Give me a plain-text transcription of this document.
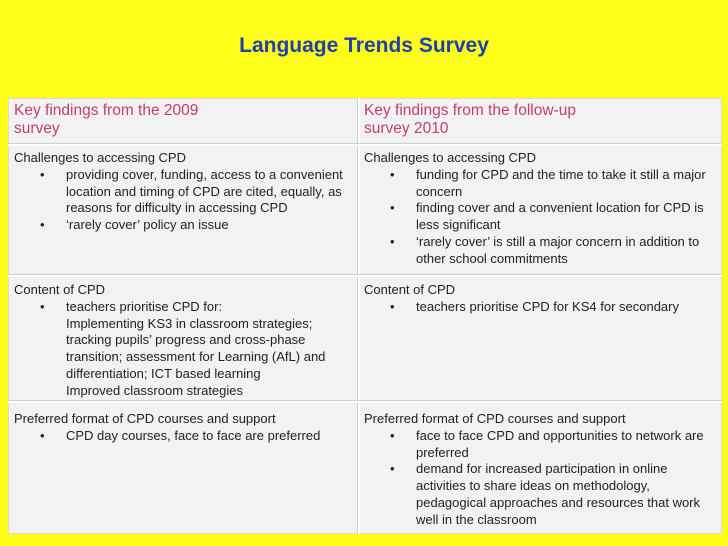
Language Trends Survey
Key findings from the 2009 survey
Key findings from the follow-up survey 2010
Challenges to accessing CPD
• providing cover, funding, access to a convenient location and timing of CPD are cited, equally, as reasons for difficulty in accessing CPD
• ‘rarely cover’ policy an issue
Challenges to accessing CPD
• funding for CPD and the time to take it still a major concern
• finding cover and a convenient location for CPD is less significant
• ‘rarely cover’ is still a major concern in addition to other school commitments
Content of CPD
• teachers prioritise CPD for:
Implementing KS3 in classroom strategies;
tracking pupils’ progress and cross-phase
transition; assessment for Learning (AfL) and
differentiation; ICT based learning
Improved classroom strategies
Content of CPD
• teachers prioritise CPD for KS4 for secondary
Preferred format of CPD courses and support
• CPD day courses, face to face are preferred
Preferred format of CPD courses and support
• face to face CPD and opportunities to network are preferred
• demand for increased participation in online activities to share ideas on methodology, pedagogical approaches and resources that work well in the classroom
